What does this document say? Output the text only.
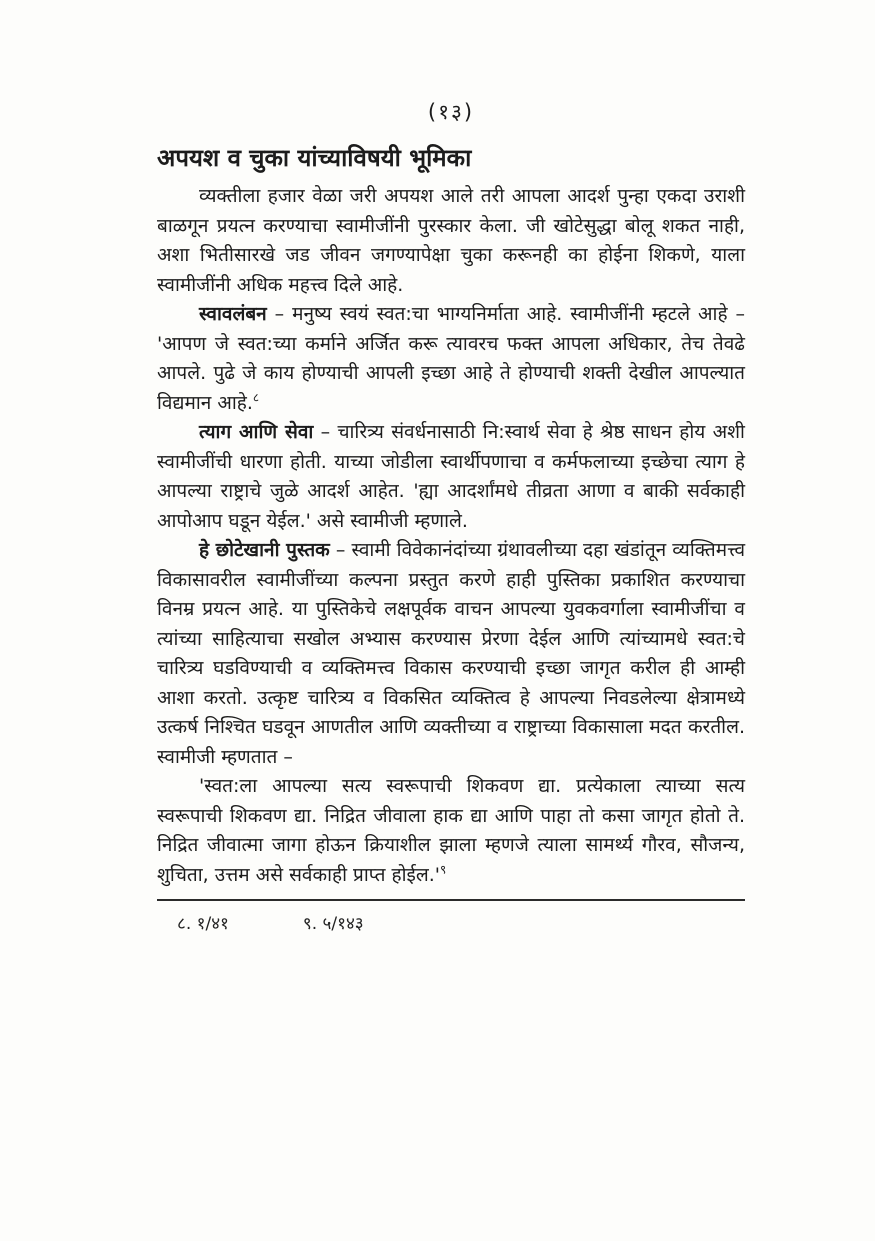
(१३)
अपयश व चुका यांच्याविषयी भूमिका

व्यक्तीला हजार वेळा जरी अपयश आले तरी आपला आदर्श पुन्हा एकदा उराशी बाळगून प्रयत्न करण्याचा स्वामीजींनी पुरस्कार केला. जी खोटेसुद्धा बोलू शकत नाही, अशा भितीसारखे जड जीवन जगण्यापेक्षा चुका करूनही का होईना शिकणे, याला स्वामीजींनी अधिक महत्त्व दिले आहे.

स्वावलंबन – मनुष्य स्वयं स्वत:चा भाग्यनिर्माता आहे. स्वामीजींनी म्हटले आहे – 'आपण जे स्वत:च्या कर्माने अर्जित करू त्यावरच फक्त आपला अधिकार, तेच तेवढे आपले. पुढे जे काय होण्याची आपली इच्छा आहे ते होण्याची शक्ती देखील आपल्यात विद्यमान आहे.$^८$

त्याग आणि सेवा – चारित्र्य संवर्धनासाठी नि:स्वार्थ सेवा हे श्रेष्ठ साधन होय अशी स्वामीजींची धारणा होती. याच्या जोडीला स्वार्थीपणाचा व कर्मफलाच्या इच्छेचा त्याग हे आपल्या राष्ट्राचे जुळे आदर्श आहेत. 'ह्या आदर्शांमधे तीव्रता आणा व बाकी सर्वकाही आपोआप घडून येईल.' असे स्वामीजी म्हणाले.

हे छोटेखानी पुस्तक – स्वामी विवेकानंदांच्या ग्रंथावलीच्या दहा खंडांतून व्यक्तिमत्त्व विकासावरील स्वामीजींच्या कल्पना प्रस्तुत करणे हाही पुस्तिका प्रकाशित करण्याचा विनम्र प्रयत्न आहे. या पुस्तिकेचे लक्षपूर्वक वाचन आपल्या युवकवर्गाला स्वामीजींचा व त्यांच्या साहित्याचा सखोल अभ्यास करण्यास प्रेरणा देईल आणि त्यांच्यामधे स्वत:चे चारित्र्य घडविण्याची व व्यक्तिमत्त्व विकास करण्याची इच्छा जागृत करील ही आम्ही आशा करतो. उत्कृष्ट चारित्र्य व विकसित व्यक्तित्व हे आपल्या निवडलेल्या क्षेत्रामध्ये उत्कर्ष निश्चित घडवून आणतील आणि व्यक्तीच्या व राष्ट्राच्या विकासाला मदत करतील. स्वामीजी म्हणतात –

'स्वत:ला आपल्या सत्य स्वरूपाची शिकवण द्या. प्रत्येकाला त्याच्या सत्य स्वरूपाची शिकवण द्या. निद्रित जीवाला हाक द्या आणि पाहा तो कसा जागृत होतो ते. निद्रित जीवात्मा जागा होऊन क्रियाशील झाला म्हणजे त्याला सामर्थ्य गौरव, सौजन्य, शुचिता, उत्तम असे सर्वकाही प्राप्त होईल.'$^९$

८. १/४१	९. ५/१४३
